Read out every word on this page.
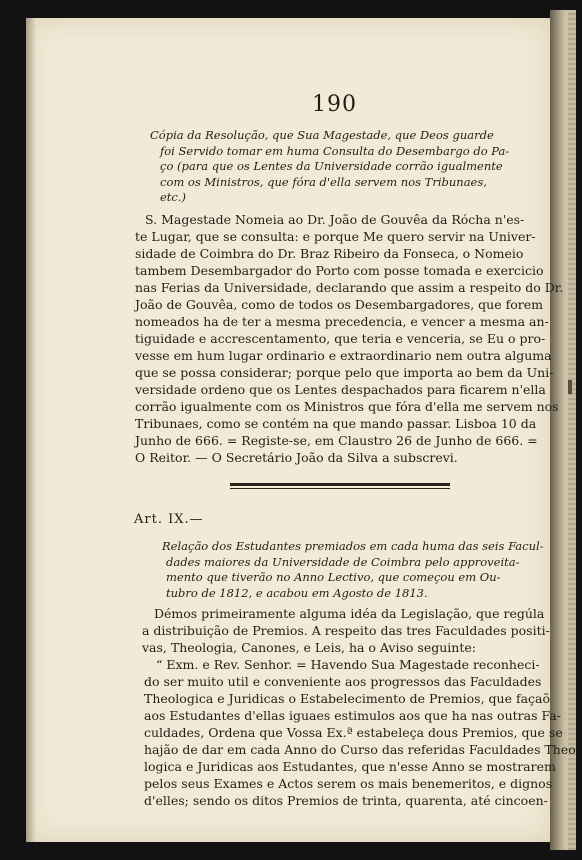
190
Cópia da Resolução, que Sua Magestade, que Deos guarde
foi Servido tomar em huma Consulta do Desembargo do Pa-
ço (para que os Lentes da Universidade corrão igualmente
com os Ministros, que fóra d'ella servem nos Tribunaes,
etc.)
S. Magestade Nomeia ao Dr. João de Gouvêa da Rócha n'es-
te Lugar, que se consulta: e porque Me quero servir na Univer-
sidade de Coimbra do Dr. Braz Ribeiro da Fonseca, o Nomeio
tambem Desembargador do Porto com posse tomada e exercicio
nas Ferias da Universidade, declarando que assim a respeito do Dr.
João de Gouvêa, como de todos os Desembargadores, que forem
nomeados ha de ter a mesma precedencia, e vencer a mesma an-
tiguidade e accrescentamento, que teria e venceria, se Eu o pro-
vesse em hum lugar ordinario e extraordinario nem outra alguma
que se possa considerar; porque pelo que importa ao bem da Uni-
versidade ordeno que os Lentes despachados para ficarem n'ella
corrão igualmente com os Ministros que fóra d'ella me servem nos
Tribunaes, como se contém na que mando passar. Lisboa 10 da
Junho de 666. = Registe-se, em Claustro 26 de Junho de 666. =
O Reitor. — O Secretário João da Silva a subscrevi.
Art. IX.—
Relação dos Estudantes premiados em cada huma das seis Facul-
dades maiores da Universidade de Coimbra pelo approveita-
mento que tiverão no Anno Lectivo, que começou em Ou-
tubro de 1812, e acabou em Agosto de 1813.
Démos primeiramente alguma idéa da Legislação, que regúla
a distribuição de Premios. A respeito das tres Faculdades positi-
vas, Theologia, Canones, e Leis, ha o Aviso seguinte:
“ Exm. e Rev. Senhor. = Havendo Sua Magestade reconheci-
do ser muito util e conveniente aos progressos das Faculdades
Theologica e Juridicas o Estabelecimento de Premios, que façaõ
aos Estudantes d'ellas iguaes estimulos aos que ha nas outras Fa-
culdades, Ordena que Vossa Ex.ª estabeleça dous Premios, que se
hajão de dar em cada Anno do Curso das referidas Faculdades Theo-
logica e Juridicas aos Estudantes, que n'esse Anno se mostrarem
pelos seus Exames e Actos serem os mais benemeritos, e dignos
d'elles; sendo os ditos Premios de trinta, quarenta, até cincoen-
